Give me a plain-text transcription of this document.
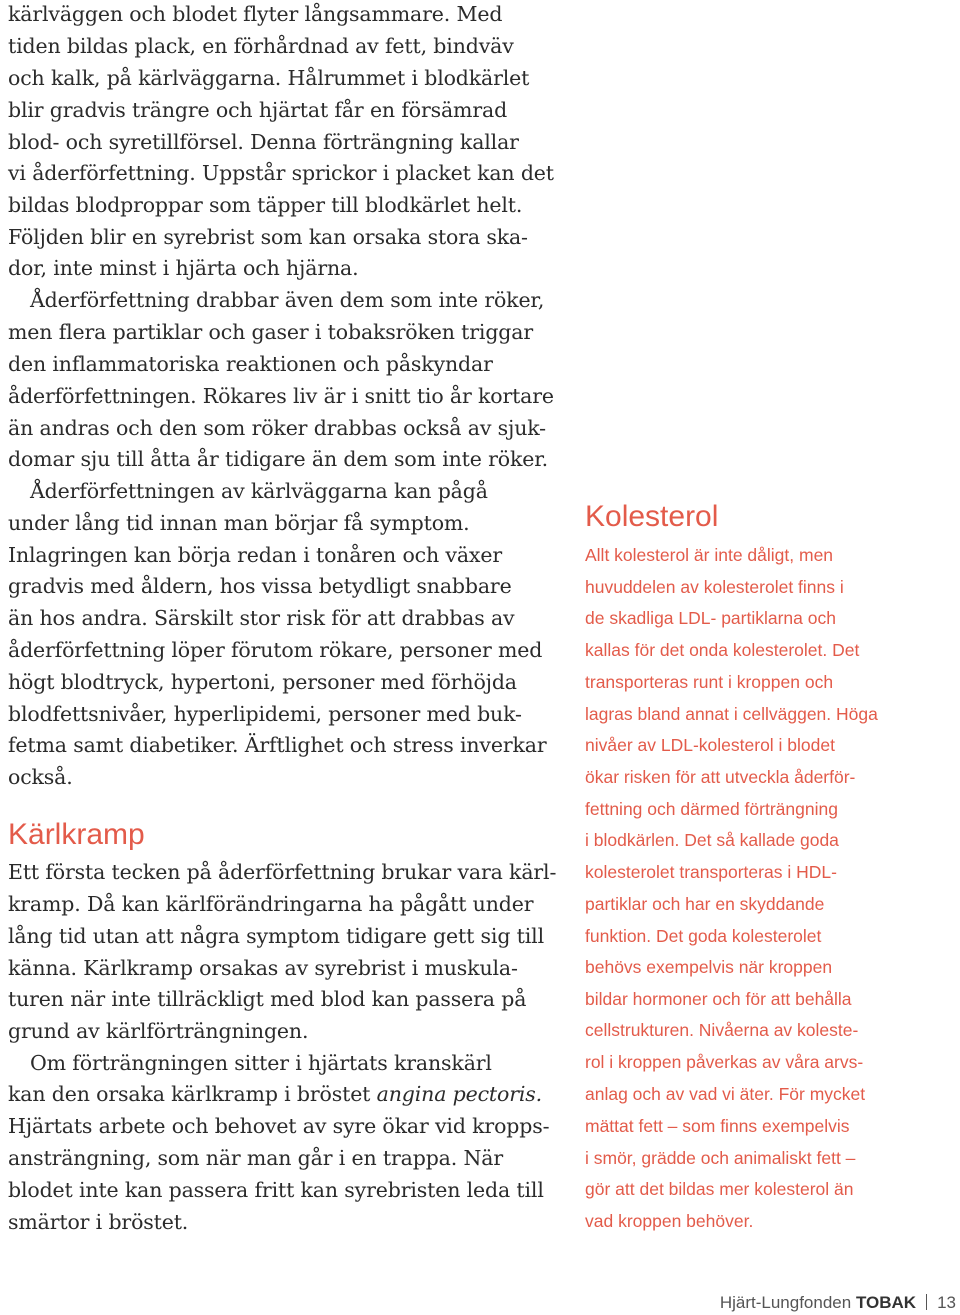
kärlväggen och blodet flyter långsammare. Med
tiden bildas plack, en förhårdnad av fett, bindväv
och kalk, på kärlväggarna. Hålrummet i blodkärlet
blir gradvis trängre och hjärtat får en försämrad
blod- och syretillförsel. Denna förträngning kallar
vi åderförfettning. Uppstår sprickor i placket kan det
bildas blodproppar som täpper till blodkärlet helt.
Följden blir en syrebrist som kan orsaka stora ska-
dor, inte minst i hjärta och hjärna.
Åderförfettning drabbar även dem som inte röker,
men flera partiklar och gaser i tobaksröken triggar
den inflammatoriska reaktionen och påskyndar
åderförfettningen. Rökares liv är i snitt tio år kortare
än andras och den som röker drabbas också av sjuk-
domar sju till åtta år tidigare än dem som inte röker.
Åderförfettningen av kärlväggarna kan pågå
under lång tid innan man börjar få symptom.
Inlagringen kan börja redan i tonåren och växer
gradvis med åldern, hos vissa betydligt snabbare
än hos andra. Särskilt stor risk för att drabbas av
åderförfettning löper förutom rökare, personer med
högt blodtryck, hypertoni, personer med förhöjda
blodfettsnivåer, hyperlipidemi, personer med buk-
fetma samt diabetiker. Ärftlighet och stress inverkar
också.
Kärlkramp
Ett första tecken på åderförfettning brukar vara kärl-
kramp. Då kan kärlförändringarna ha pågått under
lång tid utan att några symptom tidigare gett sig till
känna. Kärlkramp orsakas av syrebrist i muskula-
turen när inte tillräckligt med blod kan passera på
grund av kärlförträngningen.
Om förträngningen sitter i hjärtats kranskärl
kan den orsaka kärlkramp i bröstet angina pectoris.
Hjärtats arbete och behovet av syre ökar vid kropps-
ansträngning, som när man går i en trappa. När
blodet inte kan passera fritt kan syrebristen leda till
smärtor i bröstet.
Kolesterol
Allt kolesterol är inte dåligt, men
huvuddelen av kolesterolet finns i
de skadliga LDL- partiklarna och
kallas för det onda kolesterolet. Det
transporteras runt i kroppen och
lagras bland annat i cellväggen. Höga
nivåer av LDL-kolesterol i blodet
ökar risken för att utveckla åderför-
fettning och därmed förträngning
i blodkärlen. Det så kallade goda
kolesterolet transporteras i HDL-
partiklar och har en skyddande
funktion. Det goda kolesterolet
behövs exempelvis när kroppen
bildar hormoner och för att behålla
cellstrukturen. Nivåerna av koleste-
rol i kroppen påverkas av våra arvs-
anlag och av vad vi äter. För mycket
mättat fett – som finns exempelvis
i smör, grädde och animaliskt fett –
gör att det bildas mer kolesterol än
vad kroppen behöver.
Hjärt-Lungfonden TOBAK 13
